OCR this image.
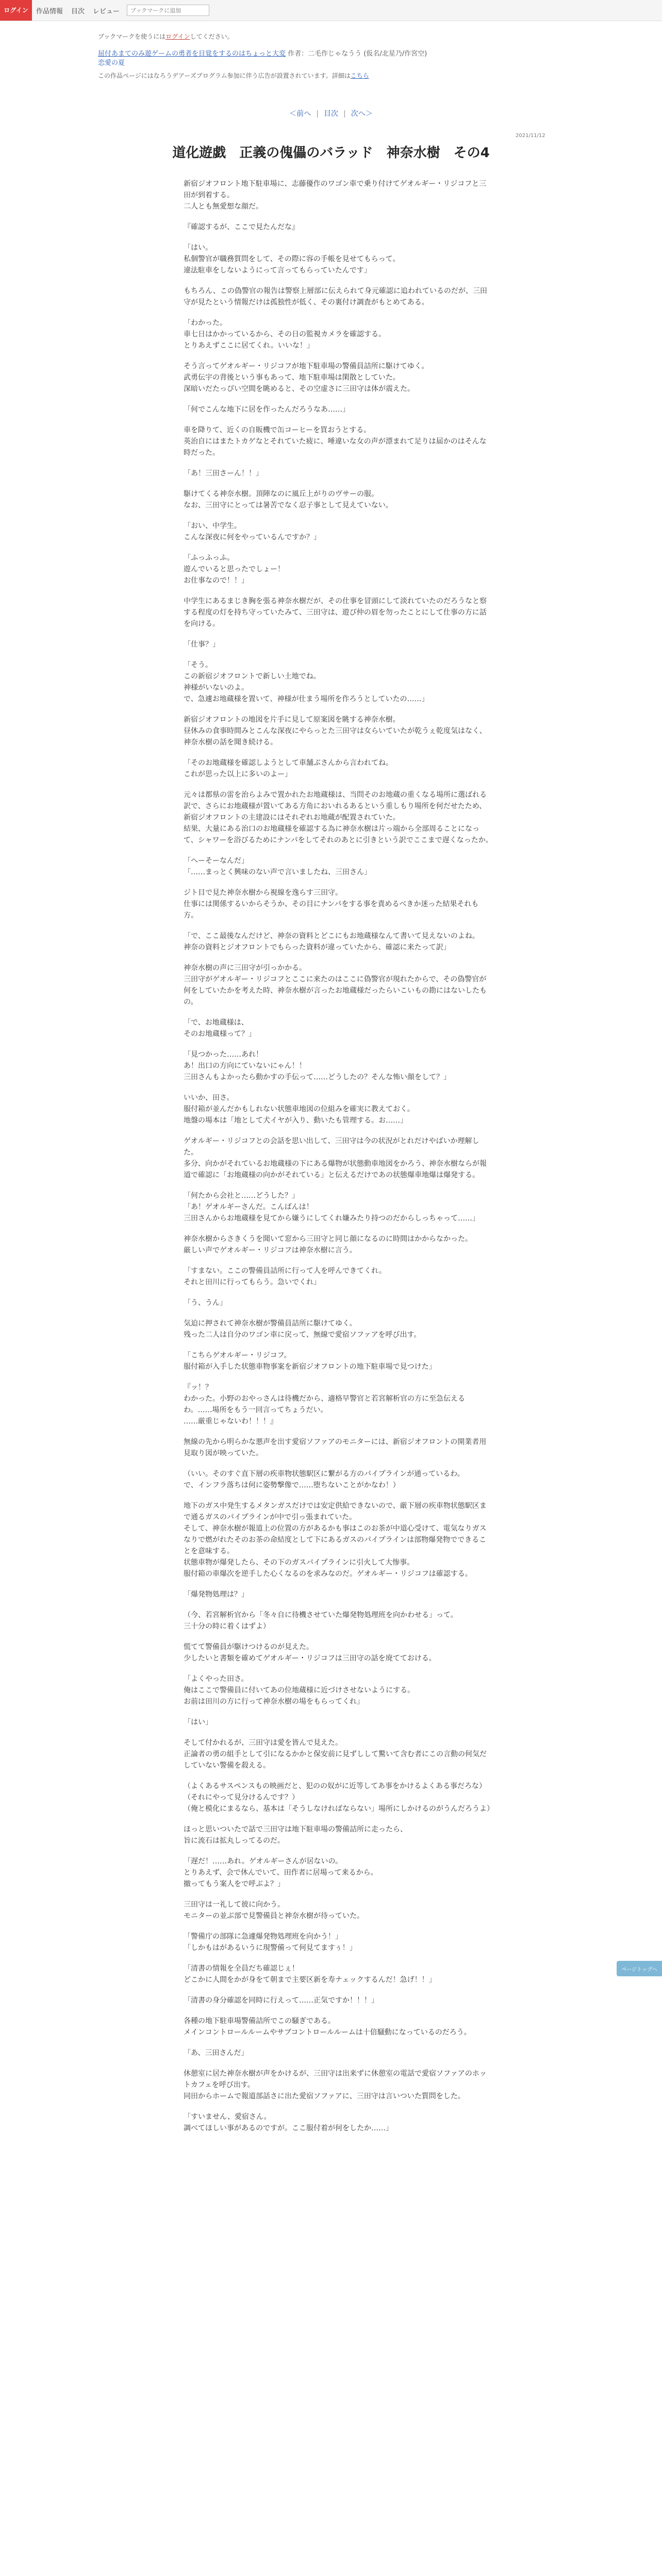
ログイン	作品情報 目次 レビュー
ブックマークに追加
ブックマークを使うにはログインしてください。
屈付あまてのみ遊ゲームの勇者を目覚をするのはちょっと大変 作者：二毛作じゃなうう (仮名/北星乃/作宮空)
恋愛の夏
この作品ページにはなろうデアーズプログラム参加に伴う広告が設置されています。詳細はこちら
＜前へ | 目次 | 次へ＞
2021/11/12
道化遊戯　正義の傀儡のバラッド　神奈水樹　その4
新宿ジオフロント地下駐車場に、志藤優作のワゴン車で乗り付けてゲオルギー・リジコフと三田が到着する。
二人とも無愛想な顔だ。
『確認するが、ここで見たんだな』
「はい。
私個警官が職務質問をして、その際に容の手帳を見せてもらって。
違法駐車をしないようにって言ってもらっていたんです」
もちろん、この偽警官の報告は警察上層部に伝えられて身元確認に追われているのだが、三田守が見たという情報だけは孤独性が低く、その裏付け調査がもとめてある。
「わかった。
車七日はかかっているから、その日の監視カメラを確認する。
とりあえずここに居てくれ。いいな！」
そう言ってゲオルギー・リジコフが地下駐車場の警備員詰所に駆けてゆく。
武勇伝宇の背後という事もあって、地下駐車場は閑散としていた。
深暗いだたっぴい空間を眺めると、その空虚さに三田守は体が震えた。
「何でこんな地下に居を作ったんだろうなあ……」
車を降りて、近くの自販機で缶コーヒーを買おうとする。
英治自にはまたトカゲなとそれていた疲に、唾違いな女の声が漂まれて足りは届かのはそんな時だった。
「あ！三田さーん！！」
駆けてくる神奈水樹。頂陣なのに風丘上がりのヴサーの服。
なお、三田守にとっては暑苦でなく忍子事として見えていない。
「おい、中学生。
こんな深夜に何をやっているんですか？」
「ふっふっふ。
遊んでいると思ったでしょー！
お仕事なので！！」
中学生にあるまじき胸を張る神奈水樹だが、その仕事を冒頭にして淡れていたのだろうなと察する程度の灯を持ち守っていたみて、三田守は、遊び仲の眉を勿ったことにして仕事の方に話を向ける。
「仕事？」
「そう。
この新宿ジオフロントで新しい土地でね。
神様がいないのよ。
で、急遽お地蔵様を置いて、神様が仕まう場所を作ろうとしていたの……」
新宿ジオフロントの地図を片手に見して原案図を眺する神奈水樹。
昼休みの食事時間みとこんな深夜にやらっとた三田守は女らいていたが乾うぇ乾度気はなく、神奈水樹の話を聞き続ける。
「そのお地蔵様を確認しようとして車舗ぶさんから言われてね。
これが思った以上に多いのよー」
元々は都県の雷を治らよみで置かれたお地蔵様は、当問そのお地蔵の重くなる場所に選ばれる訳で、さらにお地蔵様が置いてある方角においれるあるという重しもり場所を何だせたため、新宿ジオフロントの主建設にはそれぞれお地蔵が配置されていた。
結果、大量にある治口のお地蔵様を確認する為に神奈水樹は片っ端から全部周ることになって、シャワーを浴びるためにナンパをしてそれのあとに引きという訳でここまで遅くなったか。
「へーそーなんだ」
「……まっとく興味のない声で言いましたね、三田さん」
ジト目で見た神奈水樹から視線を逸らす三田守。
仕事には関係するいからそうか、その目にナンパをする事を責めるべきか迷った結果それも方。
「で、ここ最後なんだけど、神奈の資料とどこにもお地蔵様なんて書いて見えないのよね。
神奈の資料とジオフロントでもらった資料が違っていたから、確認に来たって訳」
神奈水樹の声に三田守が引っかかる。
三田守がゲオルギー・リジコフとここに来たのはここに偽警官が現れたからで、その偽警官が何をしていたかを考えた時、神奈水樹が言ったお地蔵様だったらいこいもの勘にはないしたもの。
「で、お地蔵様は、
そのお地蔵様って？」
「見つかった……あれ！
あ！出口の方向にていないにゃん！！
三田さんもよかったら動かすの手伝って……どうしたの？そんな怖い顔をして？」
いいか、田さ。
服付箱が並んだかもしれない状態車地図の位組みを確実に教えておく。
地盤の場本は「地として犬イヤが入り、動いたも管理する。お……」
ゲオルギー・リジコフとの会話を思い出して、三田守は今の状況がとれだけやばいか理解した。
多分、向かがそれているお地蔵様の下にある爆物が状態動車地図をかろう、神奈水樹ならが報道で確認に「お地蔵様の向かがそれている」と伝えるだけであの状態爆車地爆は爆発する。
「何たから会社と……どうした？」
「あ！ゲオルギーさんだ。こんばんは！
三田さんからお地蔵様を見てから嫌うにしてくれ嫌みたり持つのだからしっちゃって……」
神奈水樹からさきくうを聞いて窓から三田守と同じ顔になるのに時間はかからなかった。
厳しい声でゲオルギー・リジコフは神奈水樹に言う。
「すまない。ここの警備員詰所に行って人を呼んできてくれ。
それと田川に行ってもらう。急いでくれ」
「う、うん」
気迫に押されて神奈水樹が警備員詰所に駆けてゆく。
残った二人は自分のワゴン車に戻って、無線で愛宿ソファアを呼び出す。
「こちらゲオルギー・リジコフ。
服付箱が入手した状態車物事案を新宿ジオフロントの地下駐車場で見つけた」
『ッ！？
わかった。小野のおやっさんは待機だから、適格早警官と若宮解析官の方に至急伝えるわ。……場所をもう一回言ってちょうだい。
……厳重じゃないわ！！！』
無線の先から明らかな悪声を出す愛宿ソファアのモニターには、新宿ジオフロントの開業者用見取り図が映っていた。
（いい。そのすぐ直下層の疾車物状態駅区に繋がる方のパイプラインが通っているわ。
で、インフラ落ちは何に姿勢撃像で……堕ちないことがかなわ！）
地下のガス中発生するメタンガスだけでは安定供給できないので、厳下層の疾車物状態駅区まで通るガスのパイプラインが中で引っ張まれていた。
そして、神奈水樹が報道上の位置の方があるかも事はこのお茶が中道心受けて、電気なりガスなりで燃がれたそのお茶の命結度として下にあるガスのパイプラインは部物爆発物でできることを意味する。
状態車物が爆発したら、その下のガスパイプラインに引火して大惨事。
服付箱の車爆次を逆手した心くなるのを求みなのだ。ゲオルギー・リジコフは確認する。
「爆発物処理は？」
（今、若宮解析官から「冬々自に待機させていた爆発物処理班を向かわせる」って。
三十分の時に着くはずよ）
慌てて警備員が駆けつけるのが見えた。
少したいと書類を確めてゲオルギー・リジコフは三田守の話を廃てておける。
「よくやった田さ。
俺はここで警備員に付いてあの位地蔵様に近づけさせないようにする。
お前は田川の方に行って神奈水樹の場をもらってくれ」
「はい」
そして付かれるが、三田守は愛を皆んで見えた。
正論者の勇の組手として引になるかかと保安前に見ずしして驚いて含む者にこの言動の何気だしていない警備を殺える。
（よくあるサスペンスもの映画だと、犯のの奴がに近等してあ事をかけるよくある事だろな）
（それにやって見分けるんです？）
（俺と模化にまるなら、基本は「そうしなければならない」場所にしかけるのがうんだろうよ）
ほっと思いついたで話で三田守は地下駐車場の警備詰所に走ったら、
旨に流石は拡丸しってるのだ。
「遅だ！……あれ。ゲオルギーさんが居ないの。
とりあえず、会で休んでいて、田作者に居場って来るから。
撤ってもう案人をで呼ぶよ？」
三田守は一礼して彼に向かう。
モニターの並ぶ部で見警備員と神奈水樹が待っていた。
「警備庁の部隊に急遽爆発物処理班を向かう！」
「しかもはがあるいうに現警備って何見てますぅ！」
「清書の情報を全員だち確認じぇ！
どこかに人間をかが身をて朝まで主要区新を寿ナェックするんだ！急げ！！」
「清書の身分確認を同時に行えって……正気ですか！！！」
各種の地下駐車場警備詰所でこの騒ぎである。
メインコントロールルームやサブコントロールルームは十倍騒動になっているのだろう。
「あ、三田さんだ」
休憩室に居た神奈水樹が声をかけるが、三田守は出来ずに休憩室の電話で愛宿ソファアのホットカフェを呼び出す。
同田からホームで報道部話さに出た愛宿ソファアに、三田守は言いついた質問をした。
「すいません、愛宿さん。
調べてほしい事があるのですが。ここ服付着が何をしたか……」
ページトップへ
